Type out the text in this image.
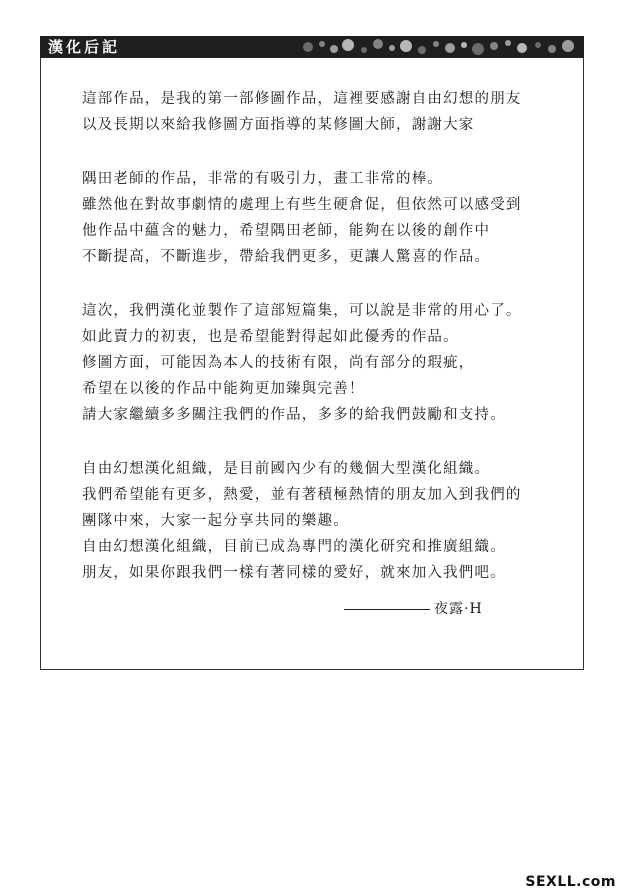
漢化后記
這部作品，是我的第一部修圖作品，這裡要感謝自由幻想的朋友
以及長期以來給我修圖方面指導的某修圖大師，謝謝大家
隅田老師的作品，非常的有吸引力，畫工非常的棒。
雖然他在對故事劇情的處理上有些生硬倉促，但依然可以感受到
他作品中蘊含的魅力，希望隅田老師，能夠在以後的創作中
不斷提高，不斷進步，帶給我們更多，更讓人驚喜的作品。
這次，我們漢化並製作了這部短篇集，可以說是非常的用心了。
如此賣力的初衷，也是希望能對得起如此優秀的作品。
修圖方面，可能因為本人的技術有限，尚有部分的瑕疵，
希望在以後的作品中能夠更加臻與完善！
請大家繼續多多關注我們的作品，多多的給我們鼓勵和支持。
自由幻想漢化組織，是目前國內少有的幾個大型漢化組織。
我們希望能有更多，熱愛，並有著積極熱情的朋友加入到我們的
團隊中來，大家一起分享共同的樂趣。
自由幻想漢化組織，目前已成為專門的漢化研究和推廣組織。
朋友，如果你跟我們一樣有著同樣的愛好，就來加入我們吧。
夜露·H
SEXLL.com
